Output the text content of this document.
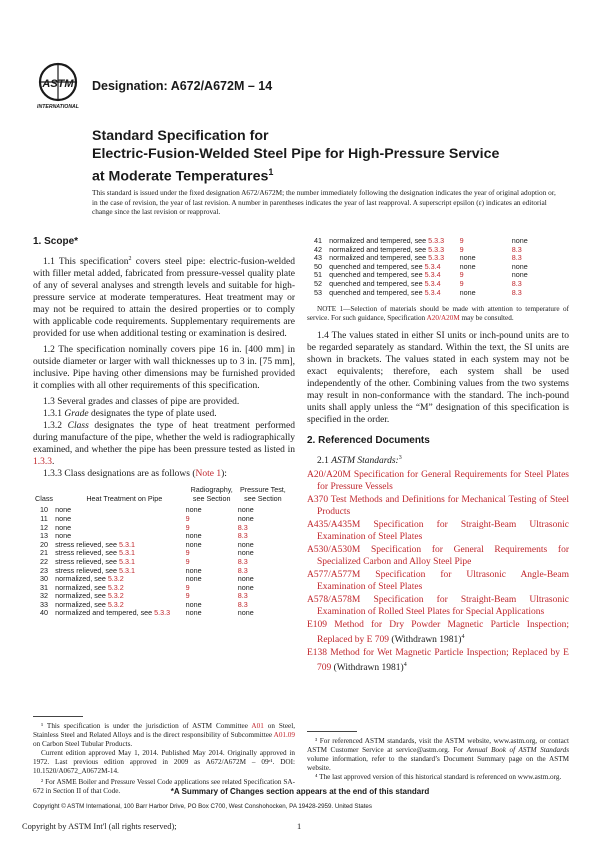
ASTM
INTERNATIONAL
Designation: A672/A672M – 14
Standard Specification for
Electric-Fusion-Welded Steel Pipe for High-Pressure Service
at Moderate Temperatures$^1$
This standard is issued under the fixed designation A672/A672M; the number immediately following the designation indicates the year of original adoption or, in the case of revision, the year of last revision. A number in parentheses indicates the year of last reapproval. A superscript epsilon (ε) indicates an editorial change since the last revision or reapproval.
1. Scope*

1.1 This specification$^2$ covers steel pipe: electric-fusion-welded with filler metal added, fabricated from pressure-vessel quality plate of any of several analyses and strength levels and suitable for high-pressure service at moderate temperatures. Heat treatment may or may not be required to attain the desired properties or to comply with applicable code requirements. Supplementary requirements are provided for use when additional testing or examination is desired.

1.2 The specification nominally covers pipe 16 in. [400 mm] in outside diameter or larger with wall thicknesses up to 3 in. [75 mm], inclusive. Pipe having other dimensions may be furnished provided it complies with all other requirements of this specification.

1.3 Several grades and classes of pipe are provided.

1.3.1 Grade designates the type of plate used.

1.3.2 Class designates the type of heat treatment performed during manufacture of the pipe, whether the weld is radiographically examined, and whether the pipe has been pressure tested as listed in 1.3.3.

1.3.3 Class designations are as follows (Note 1):

Class	Heat Treatment on Pipe	Radiography, see Section	Pressure Test, see Section
10	none	none	none
11	none	9	none
12	none	9	8.3
13	none	none	8.3
20	stress relieved, see 5.3.1	none	none
21	stress relieved, see 5.3.1	9	none
22	stress relieved, see 5.3.1	9	8.3
23	stress relieved, see 5.3.1	none	8.3
30	normalized, see 5.3.2	none	none
31	normalized, see 5.3.2	9	none
32	normalized, see 5.3.2	9	8.3
33	normalized, see 5.3.2	none	8.3
40	normalized and tempered, see 5.3.3	none	none
41	normalized and tempered, see 5.3.3	9	none
42	normalized and tempered, see 5.3.3	9	8.3
43	normalized and tempered, see 5.3.3	none	8.3
50	quenched and tempered, see 5.3.4	none	none
51	quenched and tempered, see 5.3.4	9	none
52	quenched and tempered, see 5.3.4	9	8.3
53	quenched and tempered, see 5.3.4	none	8.3

NOTE 1—Selection of materials should be made with attention to temperature of service. For such guidance, Specification A20/A20M may be consulted.

1.4 The values stated in either SI units or inch-pound units are to be regarded separately as standard. Within the text, the SI units are shown in brackets. The values stated in each system may not be exact equivalents; therefore, each system shall be used independently of the other. Combining values from the two systems may result in non-conformance with the standard. The inch-pound units shall apply unless the “M” designation of this specification is specified in the order.

2. Referenced Documents

2.1 ASTM Standards:$^3$

A20/A20M Specification for General Requirements for Steel Plates for Pressure Vessels

A370 Test Methods and Definitions for Mechanical Testing of Steel Products

A435/A435M Specification for Straight-Beam Ultrasonic Examination of Steel Plates

A530/A530M Specification for General Requirements for Specialized Carbon and Alloy Steel Pipe

A577/A577M Specification for Ultrasonic Angle-Beam Examination of Steel Plates

A578/A578M Specification for Straight-Beam Ultrasonic Examination of Rolled Steel Plates for Special Applications

E109 Method for Dry Powder Magnetic Particle Inspection; Replaced by E 709 (Withdrawn 1981)$^4$

E138 Method for Wet Magnetic Particle Inspection; Replaced by E 709 (Withdrawn 1981)$^4$

¹ This specification is under the jurisdiction of ASTM Committee A01 on Steel, Stainless Steel and Related Alloys and is the direct responsibility of Subcommittee A01.09 on Carbon Steel Tubular Products.

Current edition approved May 1, 2014. Published May 2014. Originally approved in 1972. Last previous edition approved in 2009 as A672/A672M – 09ᵉ¹. DOI: 10.1520/A0672_A0672M-14.

² For ASME Boiler and Pressure Vessel Code applications see related Specification SA-672 in Section II of that Code.

³ For referenced ASTM standards, visit the ASTM website, www.astm.org, or contact ASTM Customer Service at service@astm.org. For Annual Book of ASTM Standards volume information, refer to the standard’s Document Summary page on the ASTM website.

⁴ The last approved version of this historical standard is referenced on www.astm.org.

*A Summary of Changes section appears at the end of this standard
Copyright © ASTM International, 100 Barr Harbor Drive, PO Box C700, West Conshohocken, PA 19428-2959. United States
Copyright by ASTM Int'l (all rights reserved);	1
